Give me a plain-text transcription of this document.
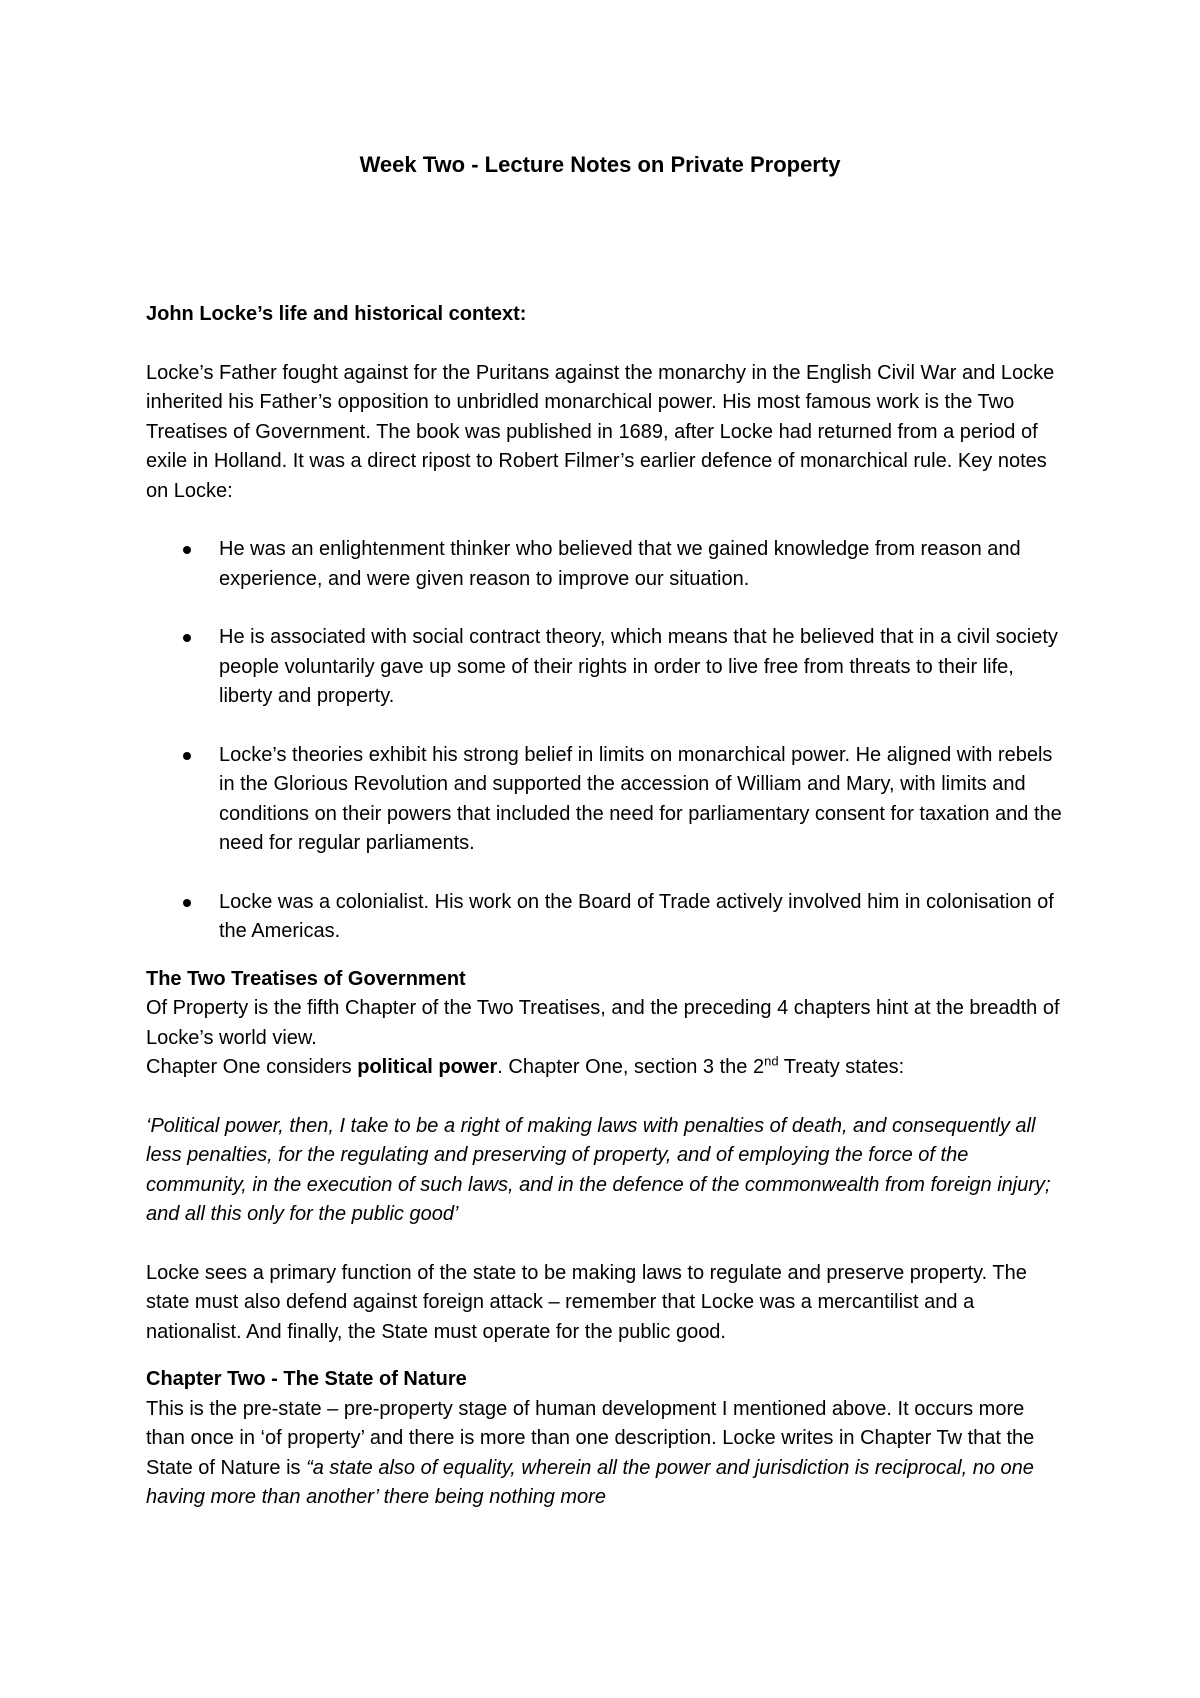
Week Two - Lecture Notes on Private Property

John Locke’s life and historical context:

Locke’s Father fought against for the Puritans against the monarchy in the English Civil War and Locke inherited his Father’s opposition to unbridled monarchical power. His most famous work is the Two Treatises of Government. The book was published in 1689, after Locke had returned from a period of exile in Holland. It was a direct ripost to Robert Filmer’s earlier defence of monarchical rule. Key notes on Locke:

He was an enlightenment thinker who believed that we gained knowledge from reason and experience, and were given reason to improve our situation.
He is associated with social contract theory, which means that he believed that in a civil society people voluntarily gave up some of their rights in order to live free from threats to their life, liberty and property.
Locke’s theories exhibit his strong belief in limits on monarchical power. He aligned with rebels in the Glorious Revolution and supported the accession of William and Mary, with limits and conditions on their powers that included the need for parliamentary consent for taxation and the need for regular parliaments.
Locke was a colonialist. His work on the Board of Trade actively involved him in colonisation of the Americas.

The Two Treatises of Government

Of Property is the fifth Chapter of the Two Treatises, and the preceding 4 chapters hint at the breadth of Locke’s world view.

Chapter One considers political power. Chapter One, section 3 the 2nd Treaty states:

‘Political power, then, I take to be a right of making laws with penalties of death, and consequently all less penalties, for the regulating and preserving of property, and of employing the force of the community, in the execution of such laws, and in the defence of the commonwealth from foreign injury; and all this only for the public good’

Locke sees a primary function of the state to be making laws to regulate and preserve property. The state must also defend against foreign attack – remember that Locke was a mercantilist and a nationalist. And finally, the State must operate for the public good.

Chapter Two - The State of Nature

This is the pre-state – pre-property stage of human development I mentioned above. It occurs more than once in ‘of property’ and there is more than one description. Locke writes in Chapter Tw that the State of Nature is “a state also of equality, wherein all the power and jurisdiction is reciprocal, no one having more than another’ there being nothing more
